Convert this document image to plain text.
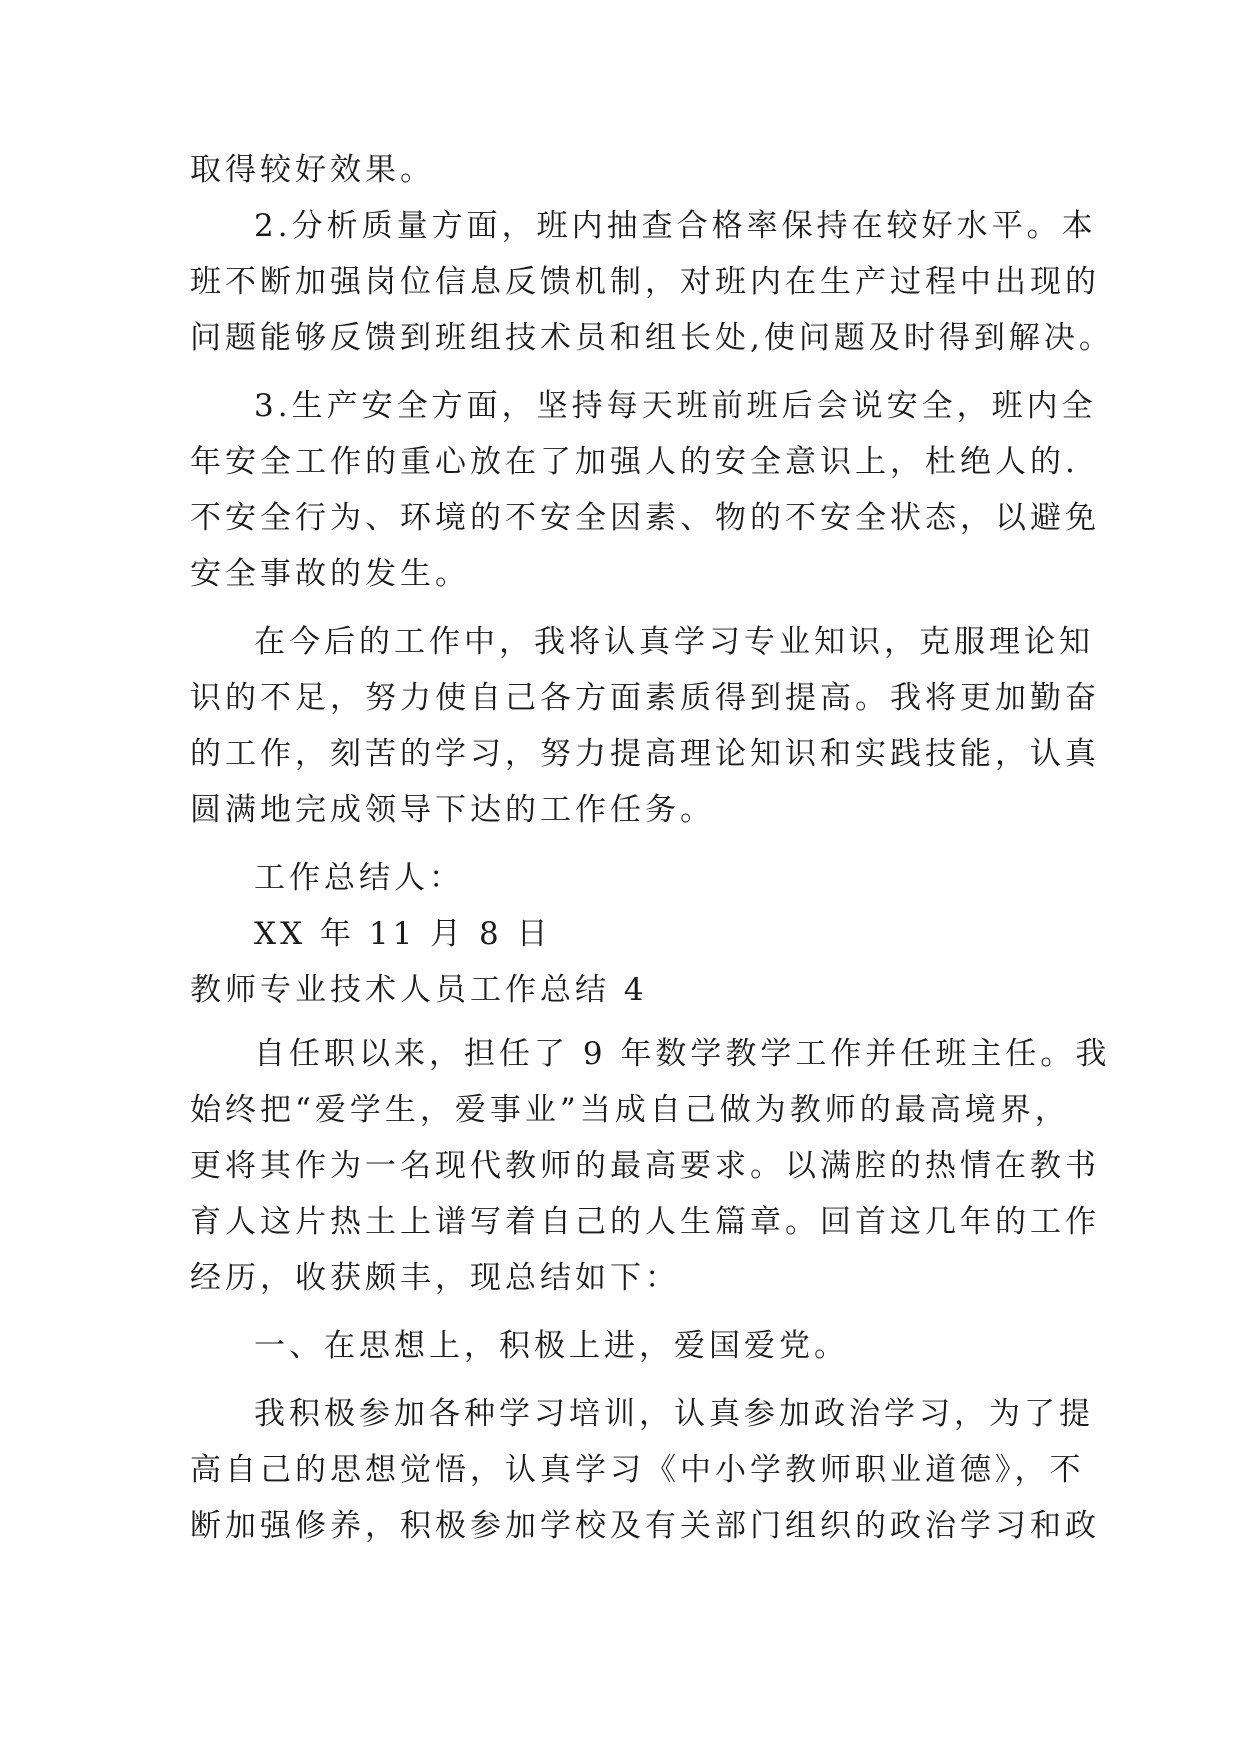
取得较好效果。

2.分析质量方面，班内抽查合格率保持在较好水平。本

班不断加强岗位信息反馈机制，对班内在生产过程中出现的

问题能够反馈到班组技术员和组长处,使问题及时得到解决。

3.生产安全方面，坚持每天班前班后会说安全，班内全

年安全工作的重心放在了加强人的安全意识上，杜绝人的.

不安全行为、环境的不安全因素、物的不安全状态，以避免

安全事故的发生。

在今后的工作中，我将认真学习专业知识，克服理论知

识的不足，努力使自己各方面素质得到提高。我将更加勤奋

的工作，刻苦的学习，努力提高理论知识和实践技能，认真

圆满地完成领导下达的工作任务。

工作总结人：

XX 年 11 月 8 日

教师专业技术人员工作总结 4

自任职以来，担任了 9 年数学教学工作并任班主任。我

始终把“爱学生，爱事业”当成自己做为教师的最高境界，

更将其作为一名现代教师的最高要求。以满腔的热情在教书

育人这片热土上谱写着自己的人生篇章。回首这几年的工作

经历，收获颇丰，现总结如下：

一、在思想上，积极上进，爱国爱党。

我积极参加各种学习培训，认真参加政治学习，为了提

高自己的思想觉悟，认真学习《中小学教师职业道德》，不

断加强修养，积极参加学校及有关部门组织的政治学习和政
